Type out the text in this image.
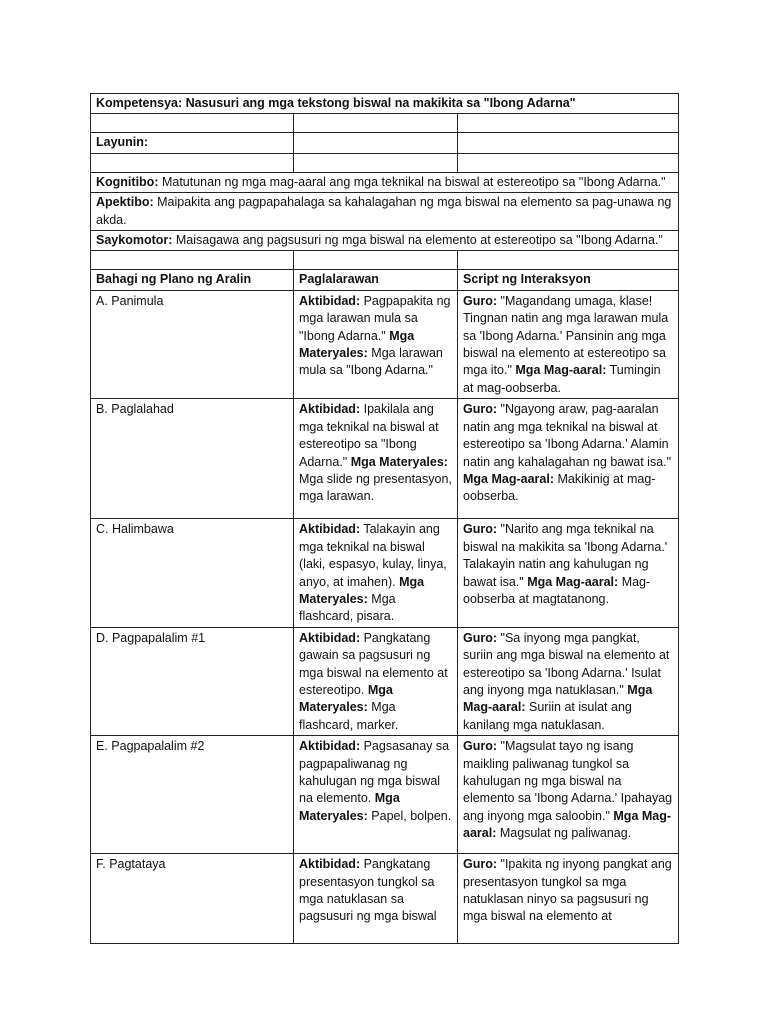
Kompetensya: Nasusuri ang mga tekstong biswal na makikita sa "Ibong Adarna"		

Layunin:		

Kognitibo: Matutunan ng mga mag-aaral ang mga teknikal na biswal at estereotipo sa "Ibong Adarna."		
Apektibo: Maipakita ang pagpapahalaga sa kahalagahan ng mga biswal na elemento sa pag-unawa ng akda.		
Saykomotor: Maisagawa ang pagsusuri ng mga biswal na elemento at estereotipo sa "Ibong Adarna."		

Bahagi ng Plano ng Aralin	Paglalarawan	Script ng Interaksyon
A. Panimula	Aktibidad: Pagpapakita ng mga larawan mula sa "Ibong Adarna." Mga Materyales: Mga larawan mula sa "Ibong Adarna."	Guro: "Magandang umaga, klase! Tingnan natin ang mga larawan mula sa 'Ibong Adarna.' Pansinin ang mga biswal na elemento at estereotipo sa mga ito." Mga Mag-aaral: Tumingin at mag-oobserba.
B. Paglalahad	Aktibidad: Ipakilala ang mga teknikal na biswal at estereotipo sa "Ibong Adarna." Mga Materyales: Mga slide ng presentasyon, mga larawan.	Guro: "Ngayong araw, pag-aaralan natin ang mga teknikal na biswal at estereotipo sa 'Ibong Adarna.' Alamin natin ang kahalagahan ng bawat isa." Mga Mag-aaral: Makikinig at mag-oobserba.
C. Halimbawa	Aktibidad: Talakayin ang mga teknikal na biswal (laki, espasyo, kulay, linya, anyo, at imahen). Mga Materyales: Mga flashcard, pisara.	Guro: "Narito ang mga teknikal na biswal na makikita sa 'Ibong Adarna.' Talakayin natin ang kahulugan ng bawat isa." Mga Mag-aaral: Mag-oobserba at magtatanong.
D. Pagpapalalim #1	Aktibidad: Pangkatang gawain sa pagsusuri ng mga biswal na elemento at estereotipo. Mga Materyales: Mga flashcard, marker.	Guro: "Sa inyong mga pangkat, suriin ang mga biswal na elemento at estereotipo sa 'Ibong Adarna.' Isulat ang inyong mga natuklasan." Mga Mag-aaral: Suriin at isulat ang kanilang mga natuklasan.
E. Pagpapalalim #2	Aktibidad: Pagsasanay sa pagpapaliwanag ng kahulugan ng mga biswal na elemento. Mga Materyales: Papel, bolpen.	Guro: "Magsulat tayo ng isang maikling paliwanag tungkol sa kahulugan ng mga biswal na elemento sa 'Ibong Adarna.' Ipahayag ang inyong mga saloobin." Mga Mag-aaral: Magsulat ng paliwanag.
F. Pagtataya	Aktibidad: Pangkatang presentasyon tungkol sa mga natuklasan sa pagsusuri ng mga biswal	Guro: "Ipakita ng inyong pangkat ang presentasyon tungkol sa mga natuklasan ninyo sa pagsusuri ng mga biswal na elemento at
